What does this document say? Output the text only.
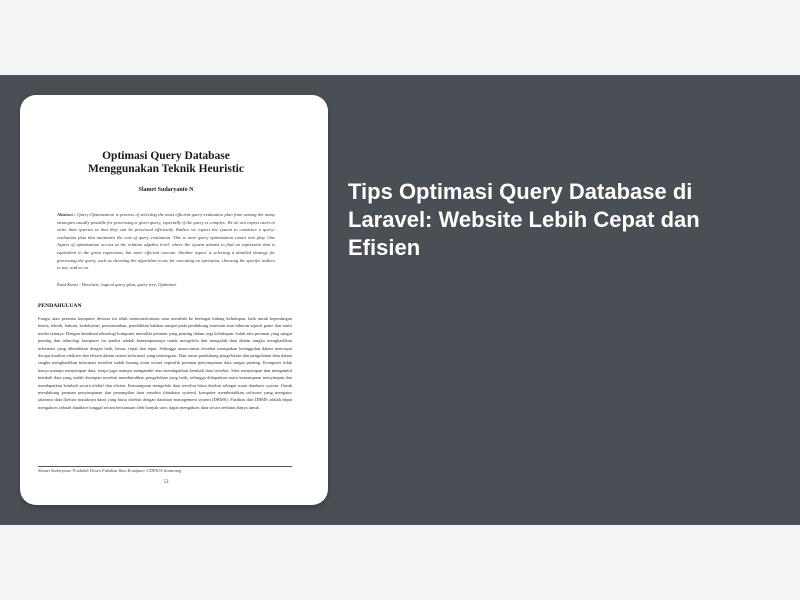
Optimasi Query Database
Menggunakan Teknik Heuristic
Slamet Sudaryanto N
Abstract : Query Optimization is process of selecting the most efficient query-evaluation plan from among the many strategies usually possible for processing a given query, especially if the query is complex. We do not expect users to write their queries so that they can be processed efficiently. Rather, we expect the system to construct a query-evaluation plan that minimizes the cost of query evaluation. This is were query optimization comes into play. One Aspect of optimization occurs at the relation algebra level, where the system attemts to find an expression that is equivalent to the given expression, but more efficient execute. Another aspect is selecting a detailed strategy for processing the query, such as choosing the algorithm to use for executing an operation, choosing the specific indices to use, and so on.
Kata Kunci : Heuristic, logical query plan, query tree, Optimizer
PENDAHULUAN
Fungsi atau peranan komputer dewasa ini telah mentransformasi atau merubah ke berbagai bidang kehidupan, baik untuk kepentingan bisnis, teknik, hukum, kedokteran, pemerintahan, pendidikan bahkan sampai pada pendukung entertain atau hiburan seperti game dan multi media lainnya. Dengan demikian teknologi komputer memiliki peranan yang penting dalam segi kehidupan. Salah satu peranan yang sangat penting dan teknologi komputer itu sendiri adalah kemampuannya untuk mengelola dan mengolah data dalam rangka menghasilkan informasi yang dibutuhkan dengan baik, benar, cepat dan tepat. Sehingga unsur-unsur tersebut merupakan keunggulan dalam mencapai derajat kualitas efektive dan efisien dalam sistem informasi yang terintegrasi. Dan unsur pendukung pengelolaan dan pengolahan data dalam rangka menghasilkan informasi tersebut sudah barang tentu secara sepesifik peranan penyimpanan data sangat penting. Komputer tidak hanya mampu menyimpan data, tetapi juga mampu mengambil atau mendapatkan kembali data tersebut. Sifat menyimpan dan mengambil kembali data yang sudah disimpan tersebut membutuhkan pengelolaan yang baik, sehingga didapatkan suatu kemampuan menyimpan dan mendapatkan kembali secara efektif dan efisien. Kemampuan mengelola data tersebut biasa disebut sebagai suatu database system. Untuk mendukung peranan penyimpanan dan penampilan data tersebut (database system) komputer membutuhkan software yang mengatur jalannya data (keluar masuknya data) yang biasa disebut dengan database management system (DBMS). Fasilitas dari DBMS adalah dapat mengakses sebuah database tunggal secara bersamaan oleh banyak user, dapat mengakses data secara terbatas hanya untuk
Slamet Sudaryanto N adalah Dosen Fakultas Ilmu Komputer UDINUS Semarang
53
Tips Optimasi Query Database di Laravel: Website Lebih Cepat dan Efisien
